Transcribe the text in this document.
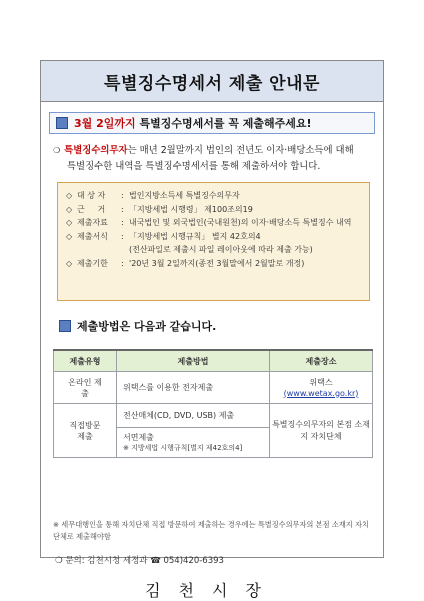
특별징수명세서 제출 안내문
3월 2일까지 특별징수명세서를 꼭 제출해주세요!
❍ 특별징수의무자는 매년 2월말까지 법인의 전년도 이자·배당소득에 대해
특별징수한 내역을 특별징수명세서를 통해 제출하셔야 합니다.
◇ 대 상 자	: 법인지방소득세 특별징수의무자
◇ 근     거	: 「지방세법 시행령」 제100조의19
◇ 제출자료	: 내국법인 및 외국법인(국내원천)의 이자·배당소득 특별징수 내역
◇ 제출서식	: 「지방세법 시행규칙」 별지 42호의4
(전산파일로 제출시 파일 레이아웃에 따라 제출 가능)
◇ 제출기한	: '20년 3월 2일까지(종전 3월말에서 2월말로 개정)
제출방법은 다음과 같습니다.
제출유형	제출방법	제출장소
온라인 제출	위택스를 이용한 전자제출	위택스
(www.wetax.go.kr)

직접방문 제출	전산매체(CD, DVD, USB) 제출	특별징수의무자의 본점 소재지 자치단체

	서면제출
※ 지방세법 시행규칙[별지 제42호의4]	
※ 세무대행인을 통해 자치단체 직접 방문하여 제출하는 경우에는 특별징수의무자의 본점 소재지 자치단체로 제출해야함
❍ 문의: 김천시청 세정과 ☎ 054)420-6393
김천시장
